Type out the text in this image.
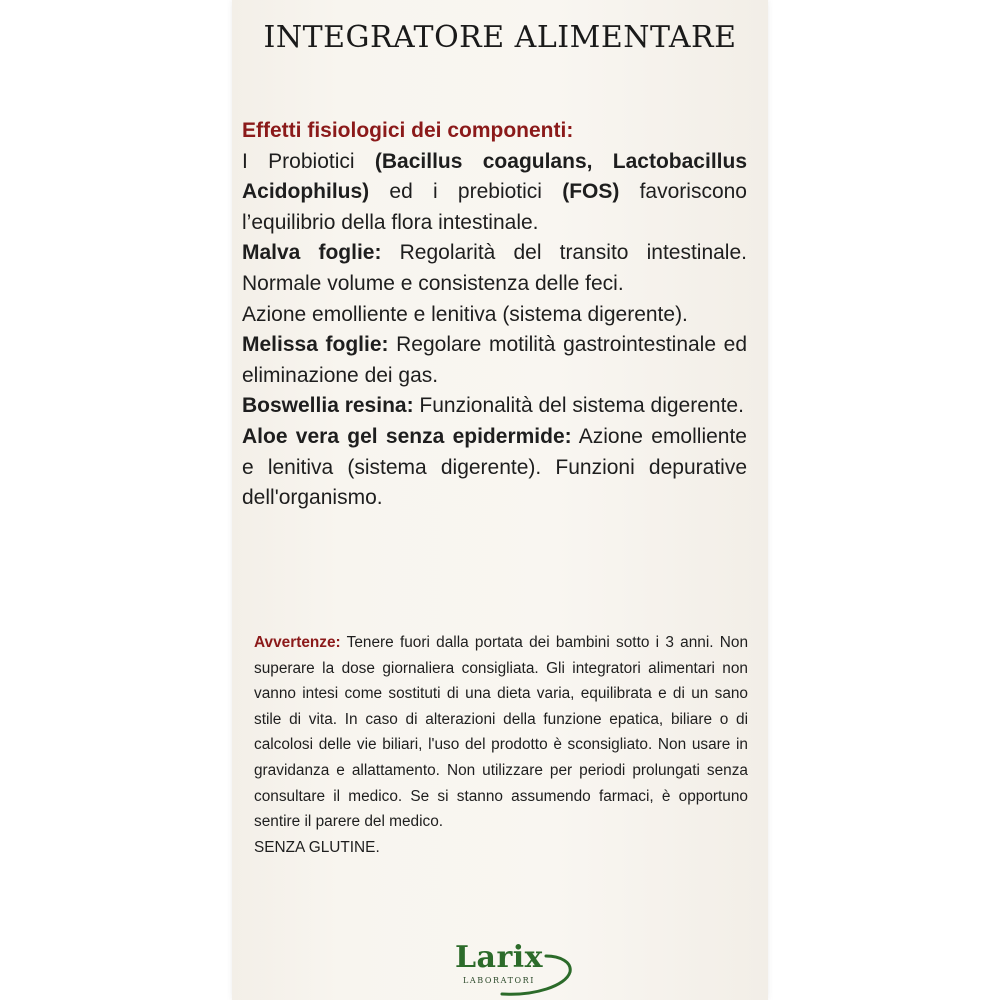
INTEGRATORE ALIMENTARE

Effetti fisiologici dei componenti:

I Probiotici (Bacillus coagulans, Lactobacillus Acidophilus) ed i prebiotici (FOS) favoriscono l’equilibrio della flora intestinale.

Malva foglie: Regolarità del transito intestinale. Normale volume e consistenza delle feci.

Azione emolliente e lenitiva (sistema digerente).

Melissa foglie: Regolare motilità gastrointestinale ed eliminazione dei gas.

Boswellia resina: Funzionalità del sistema digerente.

Aloe vera gel senza epidermide: Azione emolliente e lenitiva (sistema digerente). Funzioni depurative dell'organismo.

Avvertenze: Tenere fuori dalla portata dei bambini sotto i 3 anni. Non superare la dose giornaliera consigliata. Gli integratori alimentari non vanno intesi come sostituti di una dieta varia, equilibrata e di un sano stile di vita. In caso di alterazioni della funzione epatica, biliare o di calcolosi delle vie biliari, l'uso del prodotto è sconsigliato. Non usare in gravidanza e allattamento. Non utilizzare per periodi prolungati senza consultare il medico. Se si stanno assumendo farmaci, è opportuno sentire il parere del medico.

SENZA GLUTINE.

Larix
LABORATORI
